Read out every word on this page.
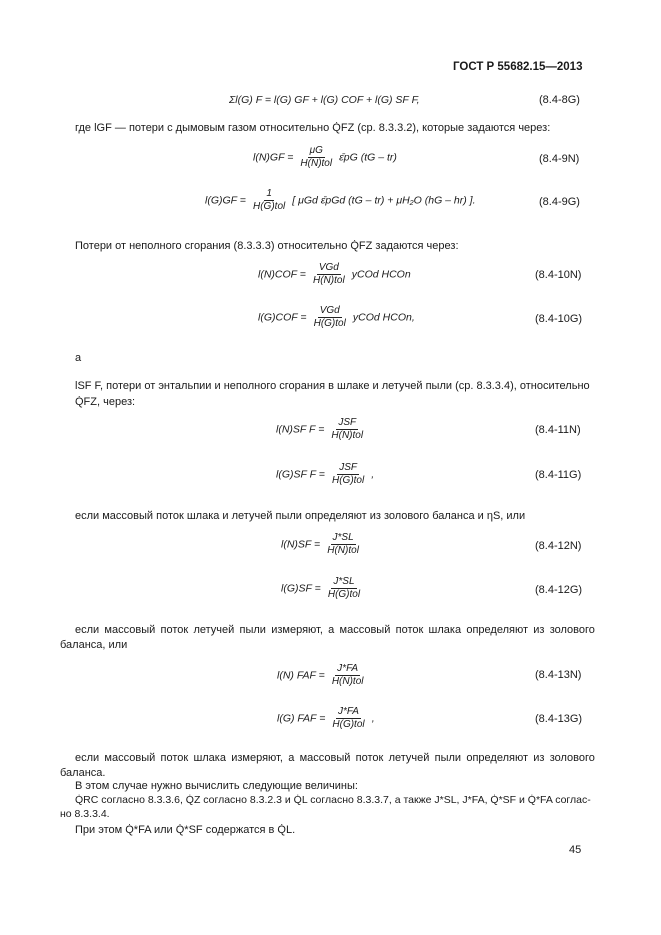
ГОСТ Р 55682.15—2013
Σl(G) F = l(G) GF + l(G) COF + l(G) SF F,	(8.4-8G)
где lGF — потери с дымовым газом относительно Q̇FZ (ср. 8.3.3.2), которые задаются через:
$l(N)GF = \frac{\mu G}{\text{H(N)tol}}$ ε̄pG (tG – tr)	(8.4-9N)
$l(G)GF = \frac{1}{\text{H(G)tol}}$ [ μGd ε̄pGd (tG – tr) + μH₂O (hG – hr) ].	(8.4-9G)
Потери от неполного сгорания (8.3.3.3) относительно Q̇FZ задаются через:
$l(N)COF = \frac{\text{VGd}}{\text{H(N)tol}}$ yCOd HCOn	(8.4-10N)
$l(G)COF = \frac{\text{VGd}}{\text{H(G)tol}}$ yCOd HCOn,	(8.4-10G)
а
lSF F, потери от энтальпии и неполного сгорания в шлаке и летучей пыли (ср. 8.3.3.4), относительно
Q̇FZ, через:
l(N)SF $F = \frac{\text{JSF}}{\text{H(N)tol}}$	(8.4-11N)
l(G)SF $F = \frac{\text{JSF}}{\text{H(G)tol}}$ ,	(8.4-11G)
если массовый поток шлака и летучей пыли определяют из золового баланса и ηS, или
$l(N)SF = \frac{J*SL}{\text{H(N)tol}}$	(8.4-12N)
$l(G)SF = \frac{J*SL}{\text{H(G)tol}}$	(8.4-12G)
если массовый поток летучей пыли измеряют, а массовый поток шлака определяют из золового
баланса, или
l(N) FAF = $\frac{J*FA}{\text{H(N)tol}}$	(8.4-13N)
l(G) FAF = $\frac{J*FA}{\text{H(G)tol}}$ ,	(8.4-13G)
если массовый поток шлака измеряют, а массовый поток летучей пыли определяют из золового
баланса.
В этом случае нужно вычислить следующие величины:
Q̇RC согласно 8.3.3.6, Q̇Z согласно 8.3.2.3 и Q̇L согласно 8.3.3.7, а также J*SL, J*FA, Q̇*SF и Q̇*FA соглас-
но 8.3.3.4.
При этом Q̇*FA или Q̇*SF содержатся в Q̇L.
45
